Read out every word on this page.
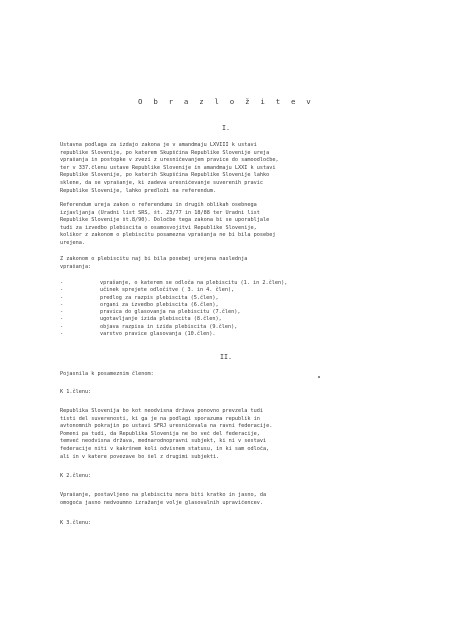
O b r a z l o ž i t e v
I.
Ustavna podlaga za izdajo zakona je v amandmaju LXVIII k ustavi
republike Slovenije, po katerem Skupščina Republike Slovenije ureja
vprašanja in postopke v zvezi z uresničevanjem pravice do samoodločbe,
ter v 337.členu ustave Republike Slovenije in amandmaju LXXI k ustavi
Republike Slovenije, po katerih Skupščina Republike Slovenije lahko
sklene, da se vprašanje, ki zadeva uresničevanje suverenih pravic
Republike Slovenije, lahko predloži na referendum.
Referendum ureja zakon o referendumu in drugih oblikah osebnega
izjavljanja (Uradni list SRS, št. 23/77 in 18/88 ter Uradni list
Republike Slovenije št.8/90). Določbe tega zakona bi se uporabljale
tudi za izvedbo plebiscita o osamosvojitvi Republike Slovenije,
kolikor z zakonom o plebiscitu posamezna vprašanja ne bi bila posebej
urejena.
Z zakonom o plebiscitu naj bi bila posebej urejena naslednja
vprašanja:
-	vprašanje, o katerem se odloča na plebiscitu (1. in 2.člen),
-	učinek sprejete odločitve ( 3. in 4. člen),
-	predlog za razpis plebiscita (5.člen),
-	organi za izvedbo plebiscita (6.člen),
-	pravica do glasovanja na plebiscitu (7.člen),
-	ugotavljanje izida plebiscita (8.člen),
-	objava razpisa in izida plebiscita (9.člen),
-	varstvo pravice glasovanja (10.člen).
II.
Pojasnila k posameznim členom:
K 1.členu:
Republika Slovenija bo kot neodvisna država ponovno prevzela tudi
tisti del suverenosti, ki ga je na podlagi sporazuma republik in
avtonomnih pokrajin po ustavi SFRJ uresničevala na ravni federacije.
Pomeni pa tudi, da Republika Slovenija ne bo več del federacije,
temveč neodvisna država, mednarodnopravni subjekt, ki ni v sestavi
federacije niti v kakršnem koli odvisnem statusu, in ki sam odloča,
ali in v katere povezave bo šel z drugimi subjekti.
K 2.členu:
Vprašanje, postavljeno na plebiscitu mora biti kratko in jasno, da
omogoča jasno nedvoumno izražanje volje glasovalnih upravičencev.
K 3.členu:
